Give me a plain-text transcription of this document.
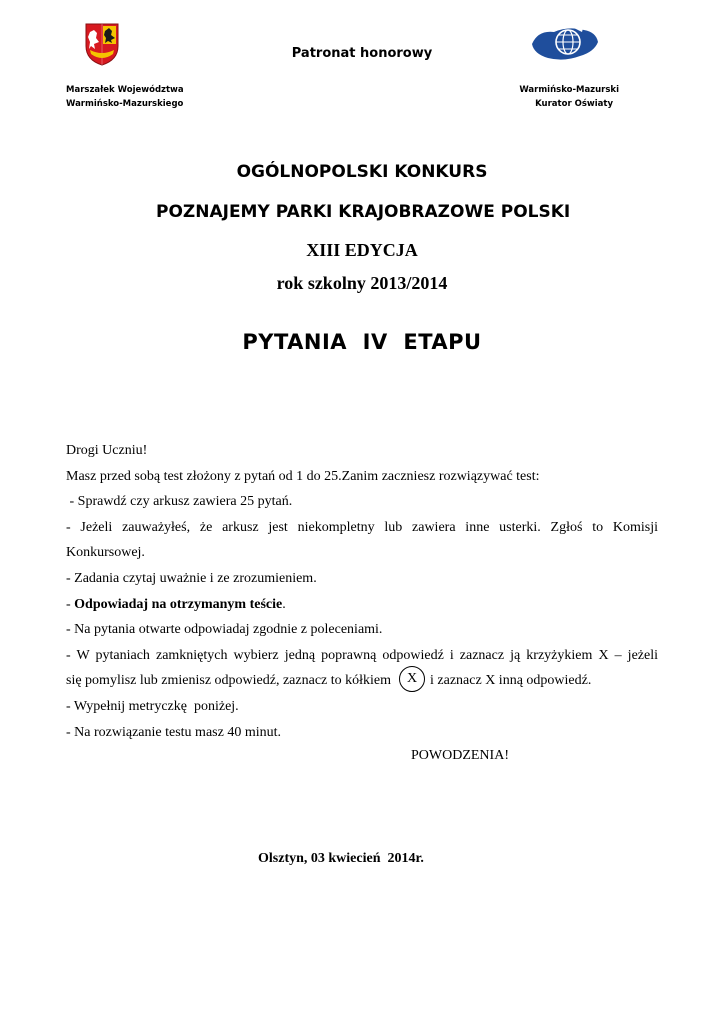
Patronat honorowy
Marszałek Województwa
Warmińsko-Mazurskiego
Warmińsko-Mazurski
Kurator Oświaty
OGÓLNOPOLSKI KONKURS
POZNAJEMY PARKI KRAJOBRAZOWE POLSKI
XIII EDYCJA
rok szkolny 2013/2014
PYTANIA  IV  ETAPU

Drogi Uczniu!

Masz przed sobą test złożony z pytań od 1 do 25.Zanim zaczniesz rozwiązywać test:

- Sprawdź czy arkusz zawiera 25 pytań.

- Jeżeli zauważyłeś, że arkusz jest niekompletny lub zawiera inne usterki. Zgłoś to Komisji

Konkursowej.

- Zadania czytaj uważnie i ze zrozumieniem.

- Odpowiadaj na otrzymanym teście.

- Na pytania otwarte odpowiadaj zgodnie z poleceniami.

- W pytaniach zamkniętych wybierz jedną poprawną odpowiedź i zaznacz ją krzyżykiem X – jeżeli

się pomylisz lub zmienisz odpowiedź, zaznacz to kółkiem X i zaznacz X inną odpowiedź.

- Wypełnij metryczkę  poniżej.

- Na rozwiązanie testu masz 40 minut.

POWODZENIA!
Olsztyn, 03 kwiecień  2014r.
